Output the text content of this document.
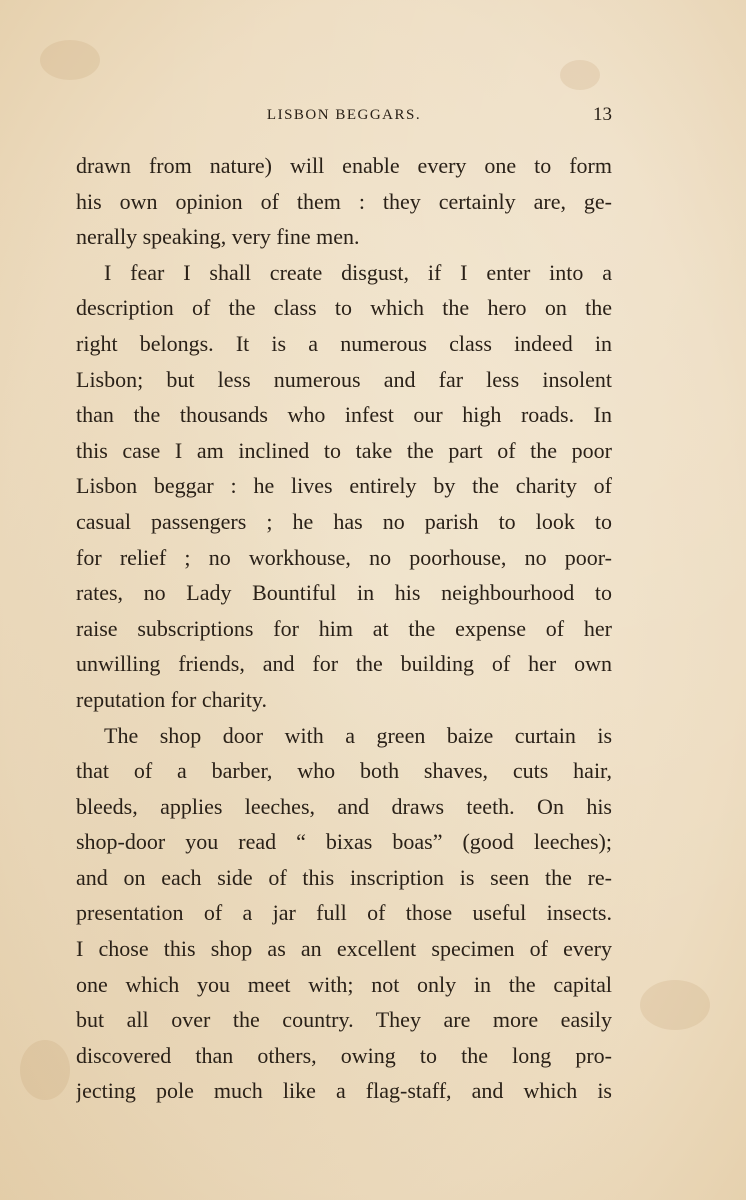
LISBON BEGGARS.	13
drawn from nature) will enable every one to form
his own opinion of them : they certainly are, ge-
nerally speaking, very fine men.
I fear I shall create disgust, if I enter into a
description of the class to which the hero on the
right belongs. It is a numerous class indeed in
Lisbon; but less numerous and far less insolent
than the thousands who infest our high roads. In
this case I am inclined to take the part of the poor
Lisbon beggar : he lives entirely by the charity of
casual passengers ; he has no parish to look to
for relief ; no workhouse, no poorhouse, no poor-
rates, no Lady Bountiful in his neighbourhood to
raise subscriptions for him at the expense of her
unwilling friends, and for the building of her own
reputation for charity.
The shop door with a green baize curtain is
that of a barber, who both shaves, cuts hair,
bleeds, applies leeches, and draws teeth. On his
shop-door you read “ bixas boas” (good leeches);
and on each side of this inscription is seen the re-
presentation of a jar full of those useful insects.
I chose this shop as an excellent specimen of every
one which you meet with; not only in the capital
but all over the country. They are more easily
discovered than others, owing to the long pro-
jecting pole much like a flag-staff, and which is
